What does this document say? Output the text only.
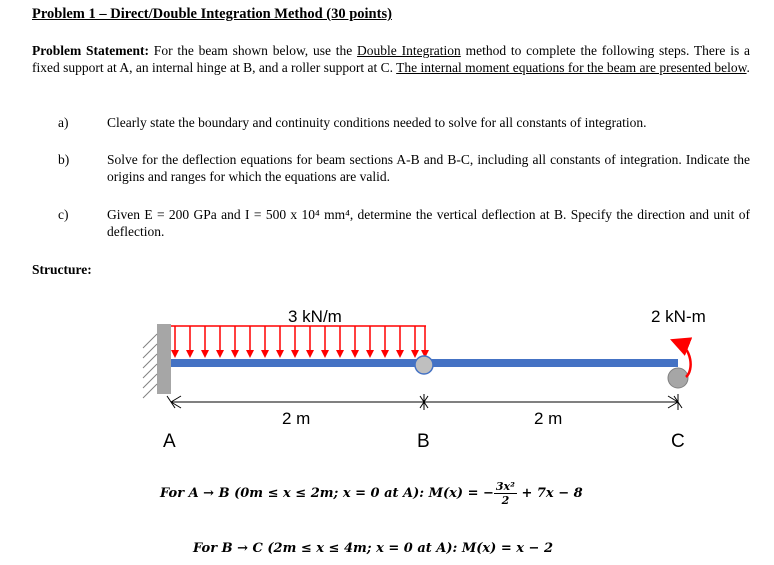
Problem 1 – Direct/Double Integration Method (30 points)
Problem Statement: For the beam shown below, use the Double Integration method to complete the following steps. There is a fixed support at A, an internal hinge at B, and a roller support at C. The internal moment equations for the beam are presented below.
a)	Clearly state the boundary and continuity conditions needed to solve for all constants of integration.
b)	Solve for the deflection equations for beam sections A-B and B-C, including all constants of integration. Indicate the origins and ranges for which the equations are valid.
c)	Given E = 200 GPa and I = 500 x 10⁴ mm⁴, determine the vertical deflection at B. Specify the direction and unit of deflection.
Structure:
3 kN/m	2 kN-m
2 m	2 m
A	B	C
For A → B (0m ≤ x ≤ 2m; x = 0 at A): M(x) = − $\frac{\text{3x²}}{2} + 7x - 8$
For B → C (2m ≤ x ≤ 4m; x = 0 at A): M(x) = x − 2
